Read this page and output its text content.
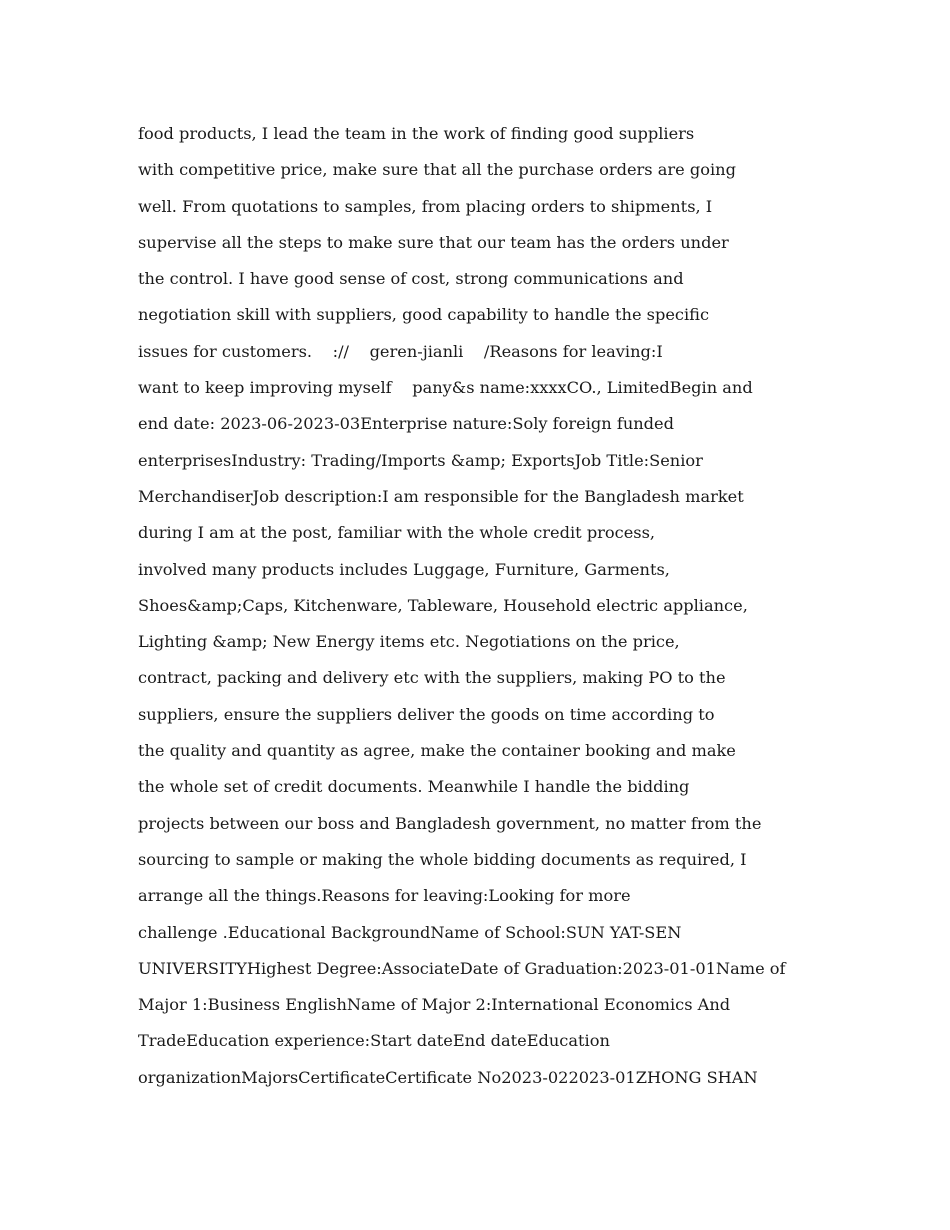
food products, I lead the team in the work of finding good suppliers
with competitive price, make sure that all the purchase orders are going
well. From quotations to samples, from placing orders to shipments, I
supervise all the steps to make sure that our team has the orders under
the control. I have good sense of cost, strong communications and
negotiation skill with suppliers, good capability to handle the specific
issues for customers.    ://    geren-jianli    /Reasons for leaving:I
want to keep improving myself    pany&s name:xxxxCO., LimitedBegin and
end date: 2023-06-2023-03Enterprise nature:Soly foreign funded
enterprisesIndustry: Trading/Imports &amp; ExportsJob Title:Senior
MerchandiserJob description:I am responsible for the Bangladesh market
during I am at the post, familiar with the whole credit process,
involved many products includes Luggage, Furniture, Garments,
Shoes&amp;Caps, Kitchenware, Tableware, Household electric appliance,
Lighting &amp; New Energy items etc. Negotiations on the price,
contract, packing and delivery etc with the suppliers, making PO to the
suppliers, ensure the suppliers deliver the goods on time according to
the quality and quantity as agree, make the container booking and make
the whole set of credit documents. Meanwhile I handle the bidding
projects between our boss and Bangladesh government, no matter from the
sourcing to sample or making the whole bidding documents as required, I
arrange all the things.Reasons for leaving:Looking for more
challenge .Educational BackgroundName of School:SUN YAT-SEN
UNIVERSITYHighest Degree:AssociateDate of Graduation:2023-01-01Name of
Major 1:Business EnglishName of Major 2:International Economics And
TradeEducation experience:Start dateEnd dateEducation
organizationMajorsCertificateCertificate No2023-022023-01ZHONG SHAN
